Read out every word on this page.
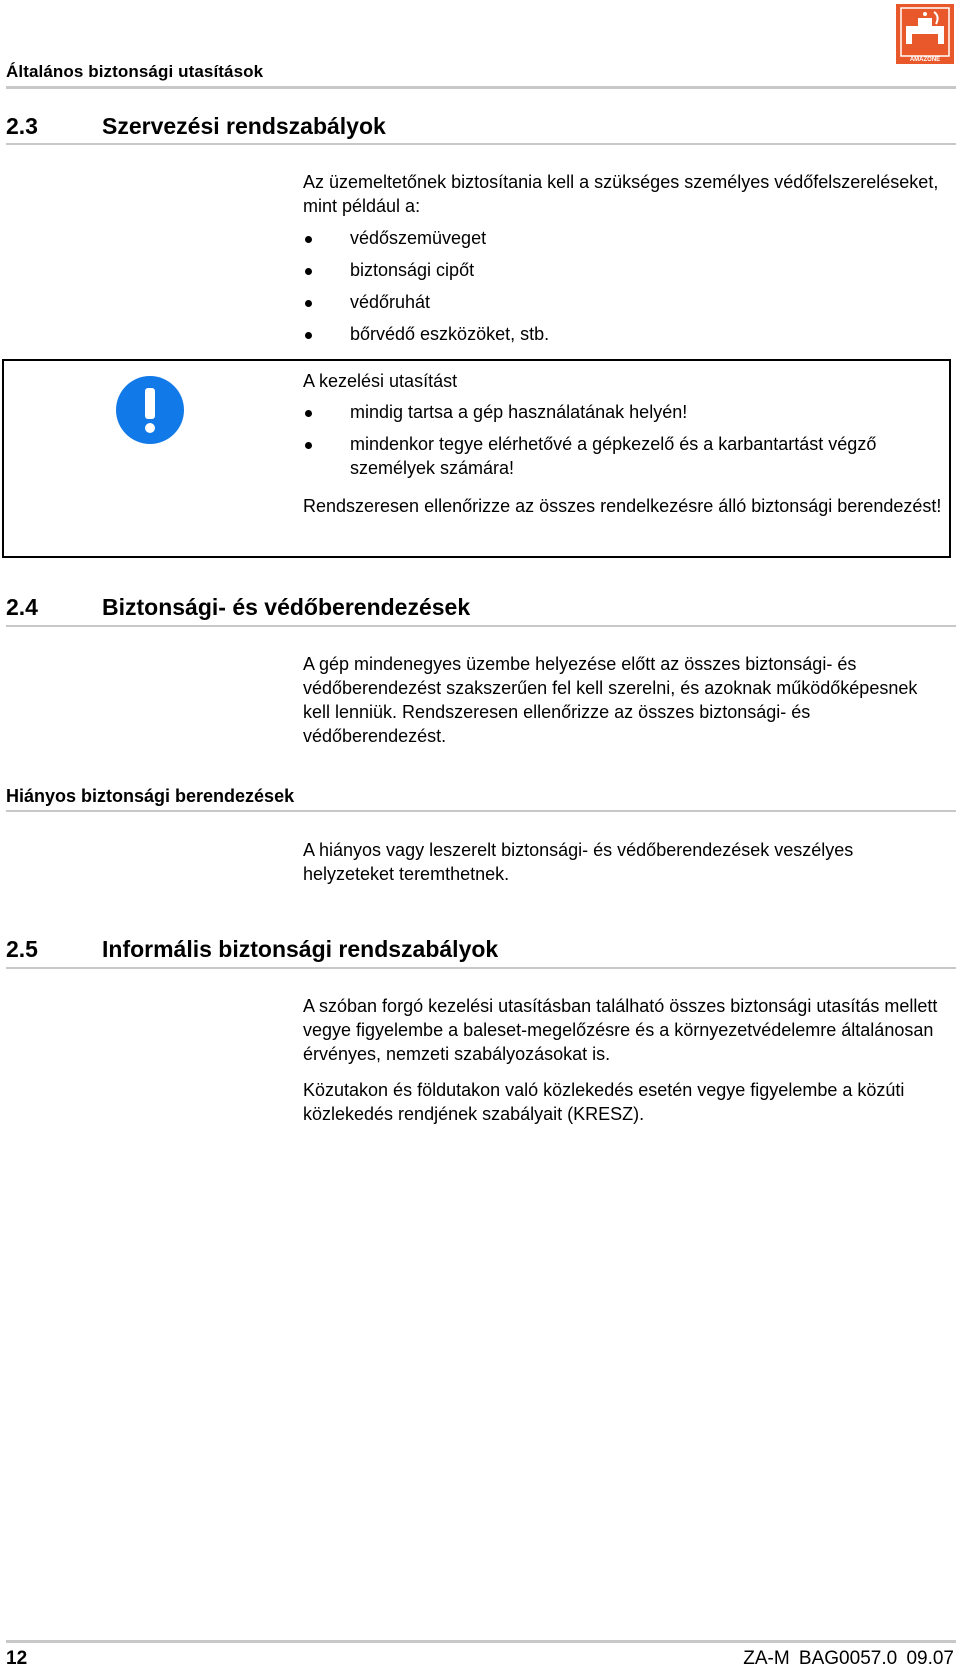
Általános biztonsági utasítások
AMAZONE
2.3	Szervezési rendszabályok

Az üzemeltetőnek biztosítania kell a szükséges személyes védőfelszereléseket, mint például a:

védőszemüveget
biztonsági cipőt
védőruhát
bőrvédő eszközöket, stb.

A kezelési utasítást

mindig tartsa a gép használatának helyén!
mindenkor tegye elérhetővé a gépkezelő és a karbantartást végző személyek számára!

Rendszeresen ellenőrizze az összes rendelkezésre álló biztonsági berendezést!

2.4	Biztonsági- és védőberendezések

A gép mindenegyes üzembe helyezése előtt az összes biztonsági- és védőberendezést szakszerűen fel kell szerelni, és azoknak működőképesnek kell lenniük. Rendszeresen ellenőrizze az összes biztonsági- és védőberendezést.

Hiányos biztonsági berendezések

A hiányos vagy leszerelt biztonsági- és védőberendezések veszélyes helyzeteket teremthetnek.

2.5	Informális biztonsági rendszabályok

A szóban forgó kezelési utasításban található összes biztonsági utasítás mellett vegye figyelembe a baleset-megelőzésre és a környezetvédelemre általánosan érvényes, nemzeti szabályozásokat is.

Közutakon és földutakon való közlekedés esetén vegye figyelembe a közúti közlekedés rendjének szabályait (KRESZ).

12	ZA-M BAG0057.0 09.07
